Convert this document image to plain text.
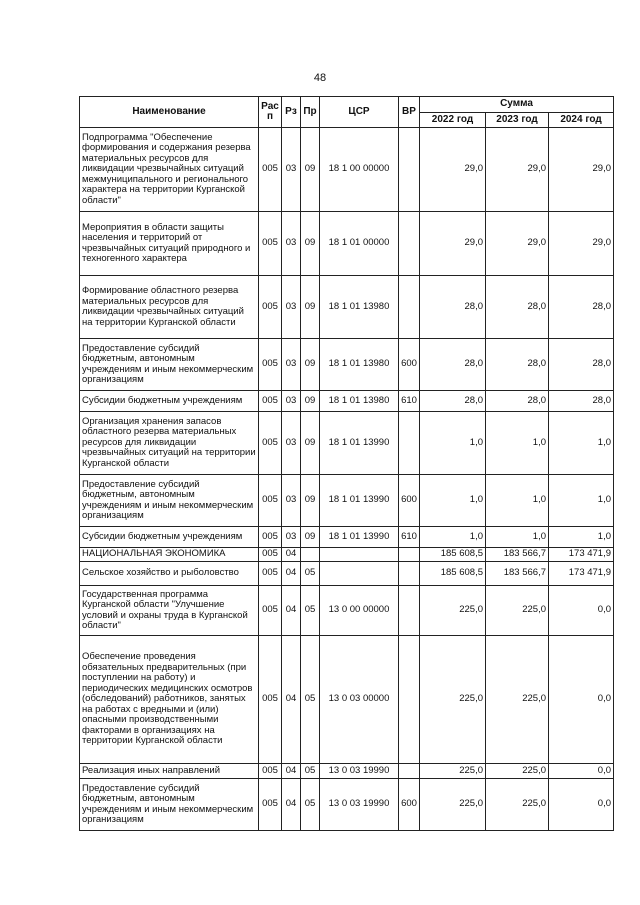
48
Наименование	Рас п	Рз	Пр	ЦСР	ВР	Сумма		
						2022 год	2023 год	2024 год
Подпрограмма "Обеспечение формирования и содержания резерва материальных ресурсов для ликвидации чрезвычайных ситуаций межмуниципального и регионального характера на территории Курганской области"	005	03	09	18 1 00 00000		29,0	29,0	29,0
Мероприятия в области защиты населения и территорий от чрезвычайных ситуаций природного и техногенного характера	005	03	09	18 1 01 00000		29,0	29,0	29,0
Формирование областного резерва материальных ресурсов для ликвидации чрезвычайных ситуаций на территории Курганской области	005	03	09	18 1 01 13980		28,0	28,0	28,0
Предоставление субсидий бюджетным, автономным учреждениям и иным некоммерческим организациям	005	03	09	18 1 01 13980	600	28,0	28,0	28,0
Субсидии бюджетным учреждениям	005	03	09	18 1 01 13980	610	28,0	28,0	28,0
Организация хранения запасов областного резерва материальных ресурсов для ликвидации чрезвычайных ситуаций на территории Курганской области	005	03	09	18 1 01 13990		1,0	1,0	1,0
Предоставление субсидий бюджетным, автономным учреждениям и иным некоммерческим организациям	005	03	09	18 1 01 13990	600	1,0	1,0	1,0
Субсидии бюджетным учреждениям	005	03	09	18 1 01 13990	610	1,0	1,0	1,0
НАЦИОНАЛЬНАЯ ЭКОНОМИКА	005	04				185 608,5	183 566,7	173 471,9
Сельское хозяйство и рыболовство	005	04	05			185 608,5	183 566,7	173 471,9
Государственная программа Курганской области "Улучшение условий и охраны труда в Курганской области"	005	04	05	13 0 00 00000		225,0	225,0	0,0
Обеспечение проведения обязательных предварительных (при поступлении на работу) и периодических медицинских осмотров (обследований) работников, занятых на работах с вредными и (или) опасными производственными факторами в организациях на территории Курганской области	005	04	05	13 0 03 00000		225,0	225,0	0,0
Реализация иных направлений	005	04	05	13 0 03 19990		225,0	225,0	0,0
Предоставление субсидий бюджетным, автономным учреждениям и иным некоммерческим организациям	005	04	05	13 0 03 19990	600	225,0	225,0	0,0
